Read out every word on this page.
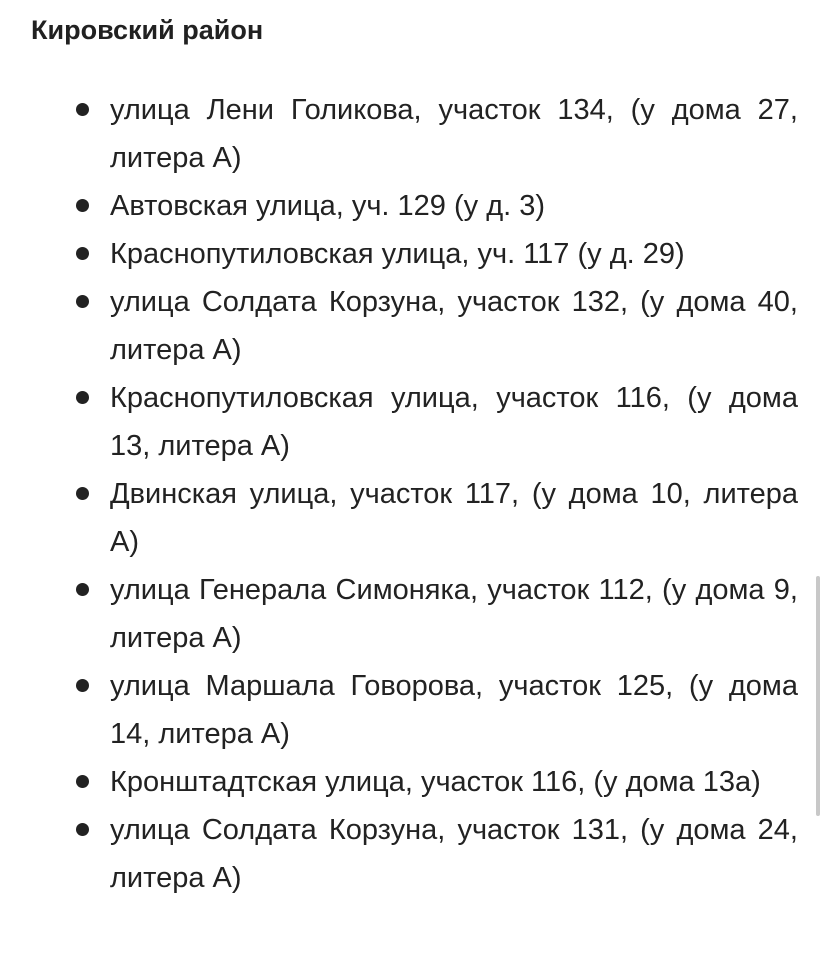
Кировский район
улица Лени Голикова, участок 134, (у дома 27, литера А)
Автовская улица, уч. 129 (у д. 3)
Краснопутиловская улица, уч. 117 (у д. 29)
улица Солдата Корзуна, участок 132, (у дома 40, литера А)
Краснопутиловская улица, участок 116, (у дома 13, литера А)
Двинская улица, участок 117, (у дома 10, литера А)
улица Генерала Симоняка, участок 112, (у дома 9, литера А)
улица Маршала Говорова, участок 125, (у дома 14, литера А)
Кронштадтская улица, участок 116, (у дома 13а)
улица Солдата Корзуна, участок 131, (у дома 24, литера А)
